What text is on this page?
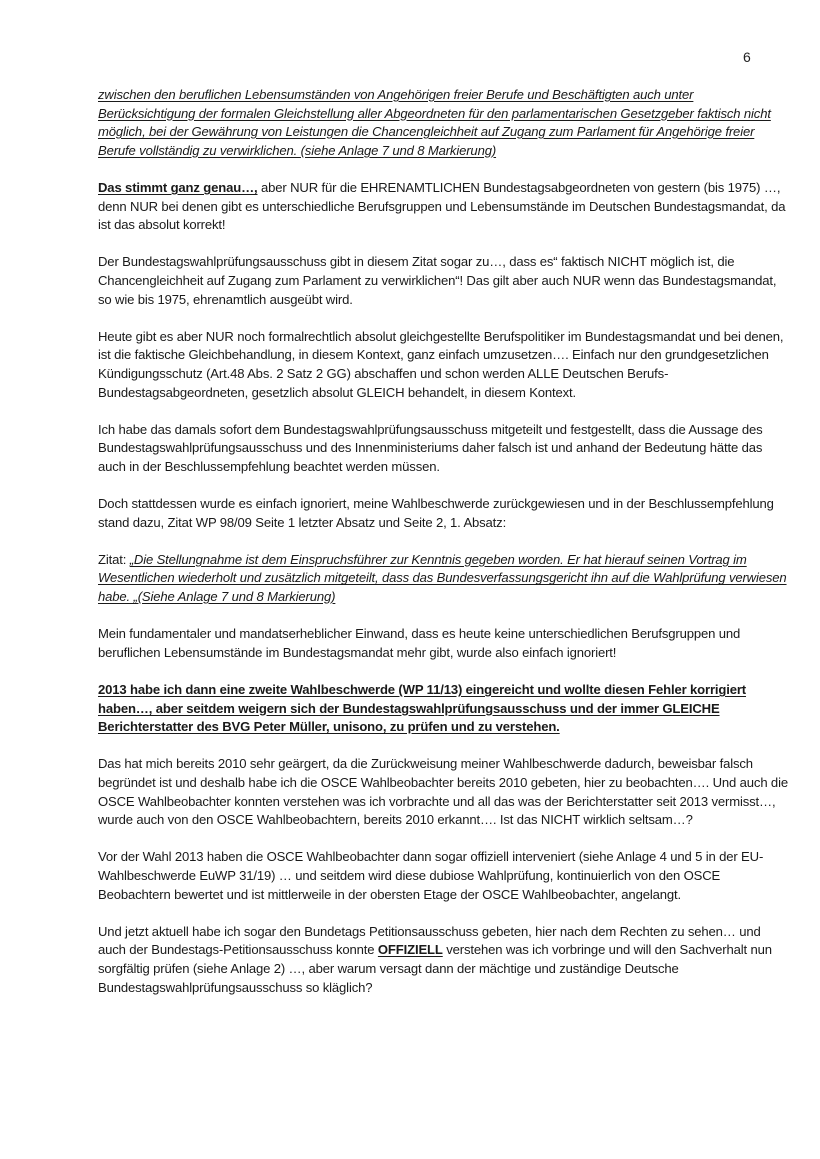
6

zwischen den beruflichen Lebensumständen von Angehörigen freier Berufe und Beschäftigten auch unter Berücksichtigung der formalen Gleichstellung aller Abgeordneten für den parlamentarischen Gesetzgeber faktisch nicht möglich, bei der Gewährung von Leistungen die Chancengleichheit auf Zugang zum Parlament für Angehörige freier Berufe vollständig zu verwirklichen. (siehe Anlage 7 und 8 Markierung)

Das stimmt ganz genau…, aber NUR für die EHRENAMTLICHEN Bundestagsabgeordneten von gestern (bis 1975) …, denn NUR bei denen gibt es unterschiedliche Berufsgruppen und Lebensumstände im Deutschen Bundestagsmandat, da ist das absolut korrekt!

Der Bundestagswahlprüfungsausschuss gibt in diesem Zitat sogar zu…, dass es“ faktisch NICHT möglich ist, die Chancengleichheit auf Zugang zum Parlament zu verwirklichen“! Das gilt aber auch NUR wenn das Bundestagsmandat, so wie bis 1975, ehrenamtlich ausgeübt wird.

Heute gibt es aber NUR noch formalrechtlich absolut gleichgestellte Berufspolitiker im Bundestagsmandat und bei denen, ist die faktische Gleichbehandlung, in diesem Kontext, ganz einfach umzusetzen…. Einfach nur den grundgesetzlichen Kündigungsschutz (Art.48 Abs. 2 Satz 2 GG) abschaffen und schon werden ALLE Deutschen Berufs-Bundestagsabgeordneten, gesetzlich absolut GLEICH behandelt, in diesem Kontext.

Ich habe das damals sofort dem Bundestagswahlprüfungsausschuss mitgeteilt und festgestellt, dass die Aussage des Bundestagswahlprüfungsausschuss und des Innenministeriums daher falsch ist und anhand der Bedeutung hätte das auch in der Beschlussempfehlung beachtet werden müssen.

Doch stattdessen wurde es einfach ignoriert, meine Wahlbeschwerde zurückgewiesen und in der Beschlussempfehlung stand dazu, Zitat WP 98/09 Seite 1 letzter Absatz und Seite 2, 1. Absatz:

Zitat: „Die Stellungnahme ist dem Einspruchsführer zur Kenntnis gegeben worden. Er hat hierauf seinen Vortrag im Wesentlichen wiederholt und zusätzlich mitgeteilt, dass das Bundesverfassungsgericht ihn auf die Wahlprüfung verwiesen habe. „(Siehe Anlage 7 und 8 Markierung)

Mein fundamentaler und mandatserheblicher Einwand, dass es heute keine unterschiedlichen Berufsgruppen und beruflichen Lebensumstände im Bundestagsmandat mehr gibt, wurde also einfach ignoriert!

2013 habe ich dann eine zweite Wahlbeschwerde (WP 11/13) eingereicht und wollte diesen Fehler korrigiert haben…, aber seitdem weigern sich der Bundestagswahlprüfungsausschuss und der immer GLEICHE Berichterstatter des BVG Peter Müller, unisono, zu prüfen und zu verstehen.

Das hat mich bereits 2010 sehr geärgert, da die Zurückweisung meiner Wahlbeschwerde dadurch, beweisbar falsch begründet ist und deshalb habe ich die OSCE Wahlbeobachter bereits 2010 gebeten, hier zu beobachten…. Und auch die OSCE Wahlbeobachter konnten verstehen was ich vorbrachte und all das was der Berichterstatter seit 2013 vermisst…, wurde auch von den OSCE Wahlbeobachtern, bereits 2010 erkannt…. Ist das NICHT wirklich seltsam…?

Vor der Wahl 2013 haben die OSCE Wahlbeobachter dann sogar offiziell interveniert (siehe Anlage 4 und 5 in der EU- Wahlbeschwerde EuWP 31/19) … und seitdem wird diese dubiose Wahlprüfung, kontinuierlich von den OSCE Beobachtern bewertet und ist mittlerweile in der obersten Etage der OSCE Wahlbeobachter, angelangt.

Und jetzt aktuell habe ich sogar den Bundetags Petitionsausschuss gebeten, hier nach dem Rechten zu sehen… und auch der Bundestags-Petitionsausschuss konnte OFFIZIELL verstehen was ich vorbringe und will den Sachverhalt nun sorgfältig prüfen (siehe Anlage 2) …, aber warum versagt dann der mächtige und zuständige Deutsche Bundestagswahlprüfungsausschuss so kläglich?
